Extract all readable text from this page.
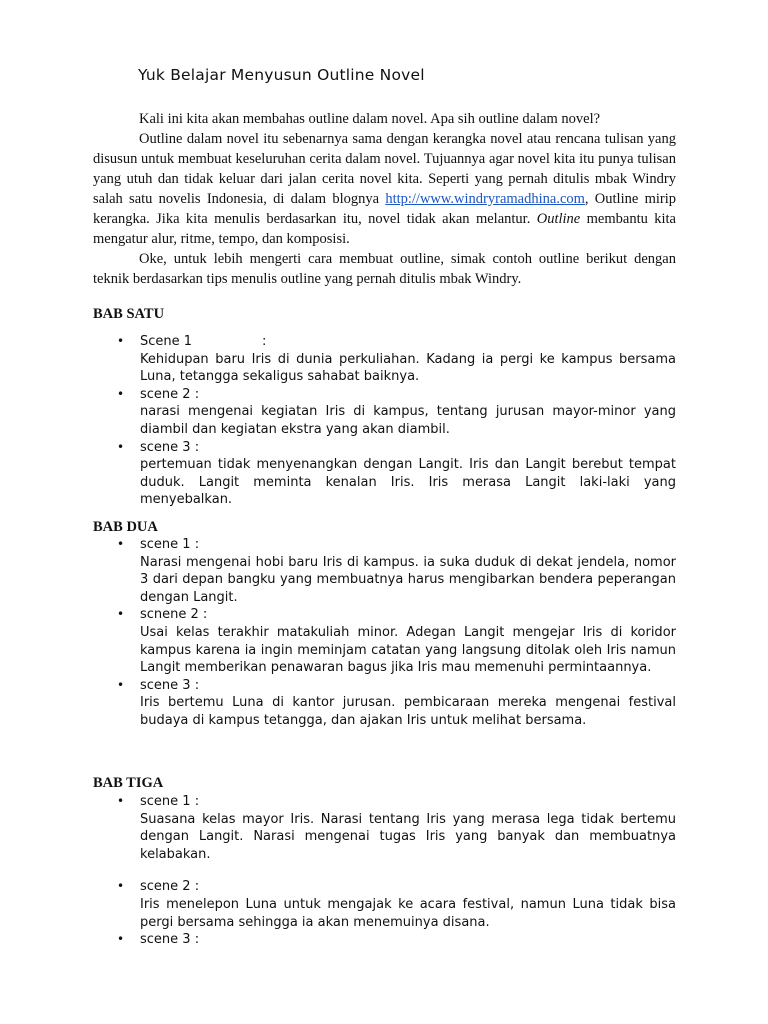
Yuk Belajar Menyusun Outline Novel

Kali ini kita akan membahas outline dalam novel. Apa sih outline dalam novel?

Outline dalam novel itu sebenarnya sama dengan kerangka novel atau rencana tulisan yang disusun untuk membuat keseluruhan cerita dalam novel. Tujuannya agar novel kita itu punya tulisan yang utuh dan tidak keluar dari jalan cerita novel kita. Seperti yang pernah ditulis mbak Windry salah satu novelis Indonesia, di dalam blognya http://www.windryramadhina.com, Outline mirip kerangka. Jika kita menulis berdasarkan itu, novel tidak akan melantur. Outline membantu kita mengatur alur, ritme, tempo, dan komposisi.

Oke, untuk lebih mengerti cara membuat outline, simak contoh outline berikut dengan teknik berdasarkan tips menulis outline yang pernah ditulis mbak Windry.

BAB SATU
• Scene 1	:
Kehidupan baru Iris di dunia perkuliahan. Kadang ia pergi ke kampus bersama Luna, tetangga sekaligus sahabat baiknya.
• scene 2 :
narasi mengenai kegiatan Iris di kampus, tentang jurusan mayor-minor yang diambil dan kegiatan ekstra yang akan diambil.
• scene 3 :
pertemuan tidak menyenangkan dengan Langit. Iris dan Langit berebut tempat duduk. Langit meminta kenalan Iris. Iris merasa Langit laki-laki yang menyebalkan.
BAB DUA
• scene 1 :
Narasi mengenai hobi baru Iris di kampus. ia suka duduk di dekat jendela, nomor 3 dari depan bangku yang membuatnya harus mengibarkan bendera peperangan dengan Langit.
• scnene 2 :
Usai kelas terakhir matakuliah minor. Adegan Langit mengejar Iris di koridor kampus karena ia ingin meminjam catatan yang langsung ditolak oleh Iris namun Langit memberikan penawaran bagus jika Iris mau memenuhi permintaannya.
• scene 3 :
Iris bertemu Luna di kantor jurusan. pembicaraan mereka mengenai festival budaya di kampus tetangga, dan ajakan Iris untuk melihat bersama.
BAB TIGA
• scene 1 :
Suasana kelas mayor Iris. Narasi tentang Iris yang merasa lega tidak bertemu dengan Langit. Narasi mengenai tugas Iris yang banyak dan membuatnya kelabakan.
• scene 2 :
Iris menelepon Luna untuk mengajak ke acara festival, namun Luna tidak bisa pergi bersama sehingga ia akan menemuinya disana.
• scene 3 :
